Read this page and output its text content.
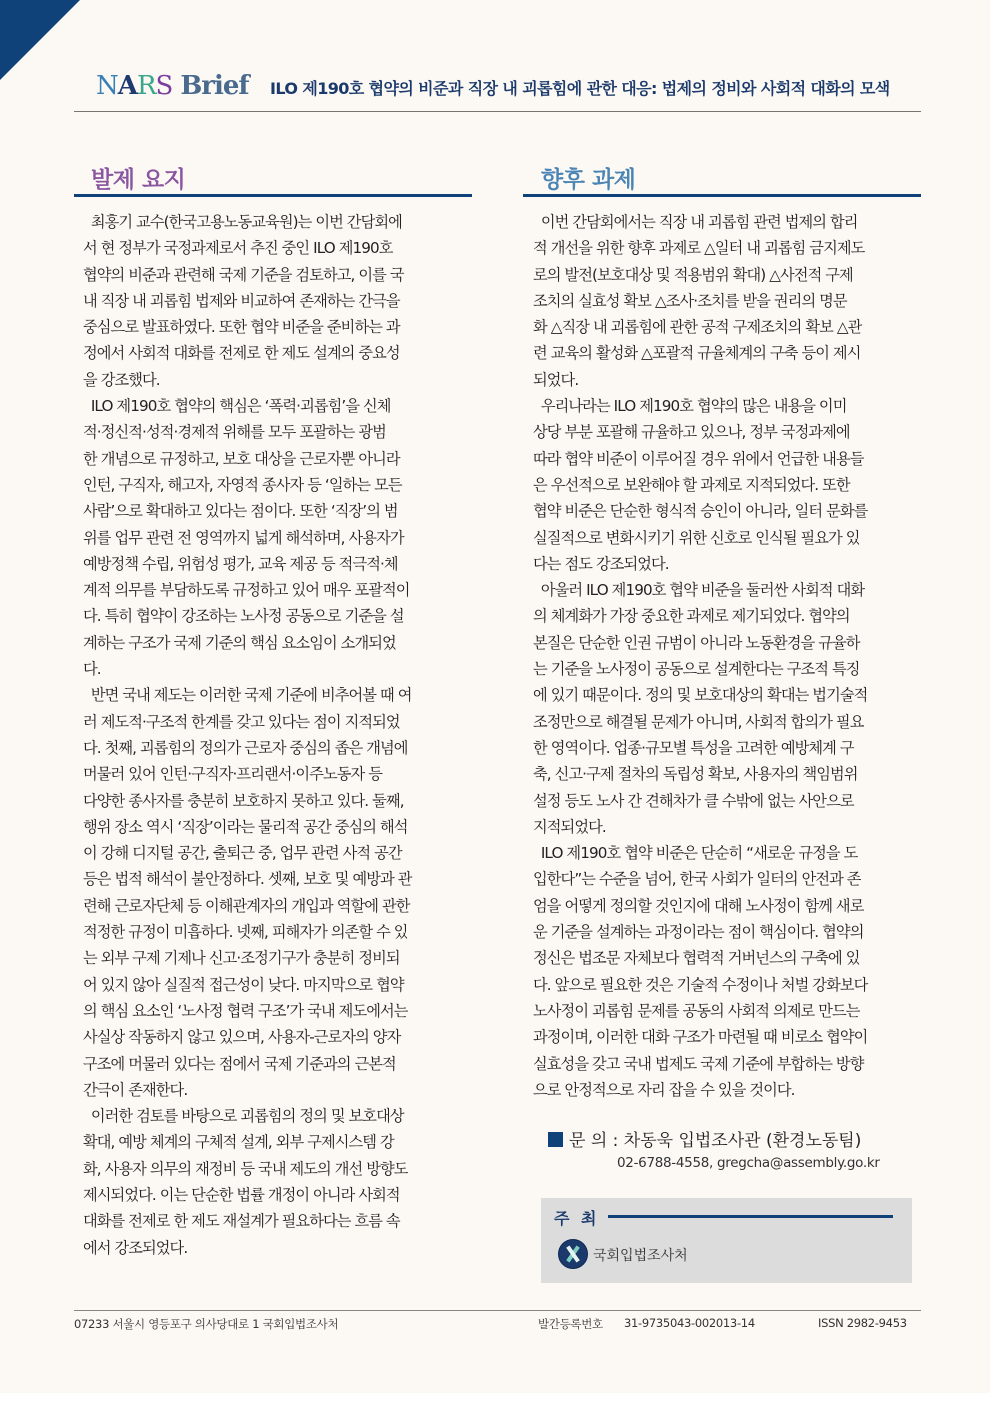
NARS Brief ILO 제190호 협약의 비준과 직장 내 괴롭힘에 관한 대응: 법제의 정비와 사회적 대화의 모색
발제 요지	향후 과제
최홍기 교수(한국고용노동교육원)는 이번 간담회에
서 현 정부가 국정과제로서 추진 중인 ILO 제190호
협약의 비준과 관련해 국제 기준을 검토하고, 이를 국
내 직장 내 괴롭힘 법제와 비교하여 존재하는 간극을
중심으로 발표하였다. 또한 협약 비준을 준비하는 과
정에서 사회적 대화를 전제로 한 제도 설계의 중요성
을 강조했다.
ILO 제190호 협약의 핵심은 ‘폭력·괴롭힘’을 신체
적·정신적·성적·경제적 위해를 모두 포괄하는 광범
한 개념으로 규정하고, 보호 대상을 근로자뿐 아니라
인턴, 구직자, 해고자, 자영적 종사자 등 ‘일하는 모든
사람’으로 확대하고 있다는 점이다. 또한 ‘직장’의 범
위를 업무 관련 전 영역까지 넓게 해석하며, 사용자가
예방정책 수립, 위험성 평가, 교육 제공 등 적극적·체
계적 의무를 부담하도록 규정하고 있어 매우 포괄적이
다. 특히 협약이 강조하는 노사정 공동으로 기준을 설
계하는 구조가 국제 기준의 핵심 요소임이 소개되었
다.
반면 국내 제도는 이러한 국제 기준에 비추어볼 때 여
러 제도적·구조적 한계를 갖고 있다는 점이 지적되었
다. 첫째, 괴롭힘의 정의가 근로자 중심의 좁은 개념에
머물러 있어 인턴·구직자·프리랜서·이주노동자 등
다양한 종사자를 충분히 보호하지 못하고 있다. 둘째,
행위 장소 역시 ‘직장’이라는 물리적 공간 중심의 해석
이 강해 디지털 공간, 출퇴근 중, 업무 관련 사적 공간
등은 법적 해석이 불안정하다. 셋째, 보호 및 예방과 관
련해 근로자단체 등 이해관계자의 개입과 역할에 관한
적정한 규정이 미흡하다. 넷째, 피해자가 의존할 수 있
는 외부 구제 기제나 신고·조정기구가 충분히 정비되
어 있지 않아 실질적 접근성이 낮다. 마지막으로 협약
의 핵심 요소인 ‘노사정 협력 구조’가 국내 제도에서는
사실상 작동하지 않고 있으며, 사용자-근로자의 양자
구조에 머물러 있다는 점에서 국제 기준과의 근본적
간극이 존재한다.
이러한 검토를 바탕으로 괴롭힘의 정의 및 보호대상
확대, 예방 체계의 구체적 설계, 외부 구제시스템 강
화, 사용자 의무의 재정비 등 국내 제도의 개선 방향도
제시되었다. 이는 단순한 법률 개정이 아니라 사회적
대화를 전제로 한 제도 재설계가 필요하다는 흐름 속
에서 강조되었다.
이번 간담회에서는 직장 내 괴롭힘 관련 법제의 합리
적 개선을 위한 향후 과제로 △일터 내 괴롭힘 금지제도
로의 발전(보호대상 및 적용범위 확대) △사전적 구제
조치의 실효성 확보 △조사·조치를 받을 권리의 명문
화 △직장 내 괴롭힘에 관한 공적 구제조치의 확보 △관
련 교육의 활성화 △포괄적 규율체계의 구축 등이 제시
되었다.
우리나라는 ILO 제190호 협약의 많은 내용을 이미
상당 부분 포괄해 규율하고 있으나, 정부 국정과제에
따라 협약 비준이 이루어질 경우 위에서 언급한 내용들
은 우선적으로 보완해야 할 과제로 지적되었다. 또한
협약 비준은 단순한 형식적 승인이 아니라, 일터 문화를
실질적으로 변화시키기 위한 신호로 인식될 필요가 있
다는 점도 강조되었다.
아울러 ILO 제190호 협약 비준을 둘러싼 사회적 대화
의 체계화가 가장 중요한 과제로 제기되었다. 협약의
본질은 단순한 인권 규범이 아니라 노동환경을 규율하
는 기준을 노사정이 공동으로 설계한다는 구조적 특징
에 있기 때문이다. 정의 및 보호대상의 확대는 법기술적
조정만으로 해결될 문제가 아니며, 사회적 합의가 필요
한 영역이다. 업종·규모별 특성을 고려한 예방체계 구
축, 신고·구제 절차의 독립성 확보, 사용자의 책임범위
설정 등도 노사 간 견해차가 클 수밖에 없는 사안으로
지적되었다.
ILO 제190호 협약 비준은 단순히 “새로운 규정을 도
입한다”는 수준을 넘어, 한국 사회가 일터의 안전과 존
엄을 어떻게 정의할 것인지에 대해 노사정이 함께 새로
운 기준을 설계하는 과정이라는 점이 핵심이다. 협약의
정신은 법조문 자체보다 협력적 거버넌스의 구축에 있
다. 앞으로 필요한 것은 기술적 수정이나 처벌 강화보다
노사정이 괴롭힘 문제를 공동의 사회적 의제로 만드는
과정이며, 이러한 대화 구조가 마련될 때 비로소 협약이
실효성을 갖고 국내 법제도 국제 기준에 부합하는 방향
으로 안정적으로 자리 잡을 수 있을 것이다.
문 의 : 차동욱 입법조사관 (환경노동팀)
02-6788-4558, gregcha@assembly.go.kr
주 최
국회입법조사처
07233 서울시 영등포구 의사당대로 1 국회입법조사처	발간등록번호 31-9735043-002013-14	ISSN 2982-9453
